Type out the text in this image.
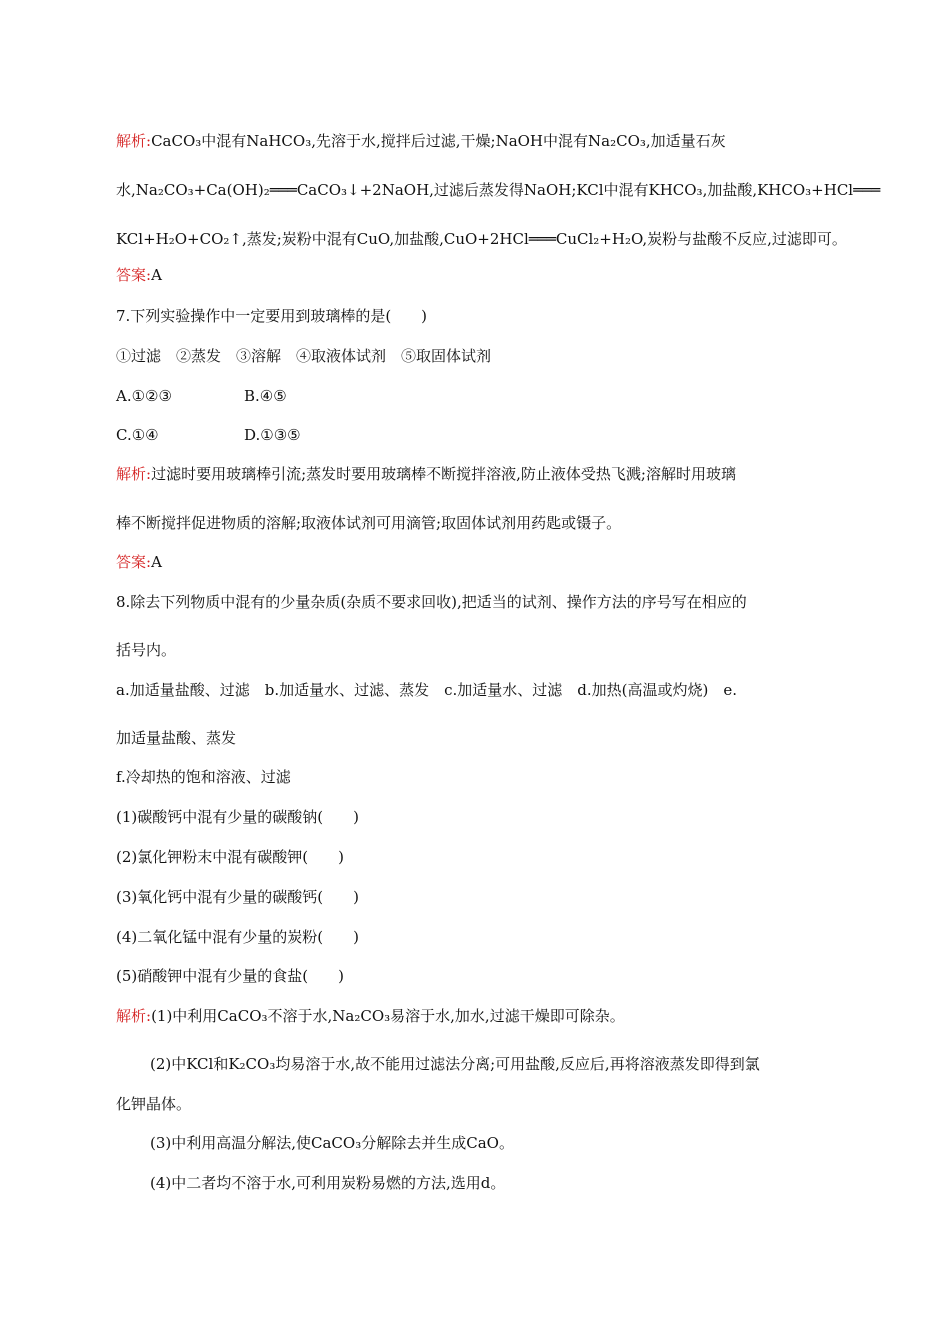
解析:CaCO₃中混有NaHCO₃,先溶于水,搅拌后过滤,干燥;NaOH中混有Na₂CO₃,加适量石灰
水,Na₂CO₃+Ca(OH)₂═══CaCO₃↓+2NaOH,过滤后蒸发得NaOH;KCl中混有KHCO₃,加盐酸,KHCO₃+HCl═══
KCl+H₂O+CO₂↑,蒸发;炭粉中混有CuO,加盐酸,CuO+2HCl═══CuCl₂+H₂O,炭粉与盐酸不反应,过滤即可。
答案:A
7.下列实验操作中一定要用到玻璃棒的是(　　)
①过滤　②蒸发　③溶解　④取液体试剂　⑤取固体试剂
A.①②③	B.④⑤
C.①④	D.①③⑤
解析:过滤时要用玻璃棒引流;蒸发时要用玻璃棒不断搅拌溶液,防止液体受热飞溅;溶解时用玻璃
棒不断搅拌促进物质的溶解;取液体试剂可用滴管;取固体试剂用药匙或镊子。
答案:A
8.除去下列物质中混有的少量杂质(杂质不要求回收),把适当的试剂、操作方法的序号写在相应的
括号内。
a.加适量盐酸、过滤　b.加适量水、过滤、蒸发　c.加适量水、过滤　d.加热(高温或灼烧)　e.
加适量盐酸、蒸发
f.冷却热的饱和溶液、过滤
(1)碳酸钙中混有少量的碳酸钠(　　)
(2)氯化钾粉末中混有碳酸钾(　　)
(3)氧化钙中混有少量的碳酸钙(　　)
(4)二氧化锰中混有少量的炭粉(　　)
(5)硝酸钾中混有少量的食盐(　　)
解析:(1)中利用CaCO₃不溶于水,Na₂CO₃易溶于水,加水,过滤干燥即可除杂。
(2)中KCl和K₂CO₃均易溶于水,故不能用过滤法分离;可用盐酸,反应后,再将溶液蒸发即得到氯
化钾晶体。
(3)中利用高温分解法,使CaCO₃分解除去并生成CaO。
(4)中二者均不溶于水,可利用炭粉易燃的方法,选用d。
